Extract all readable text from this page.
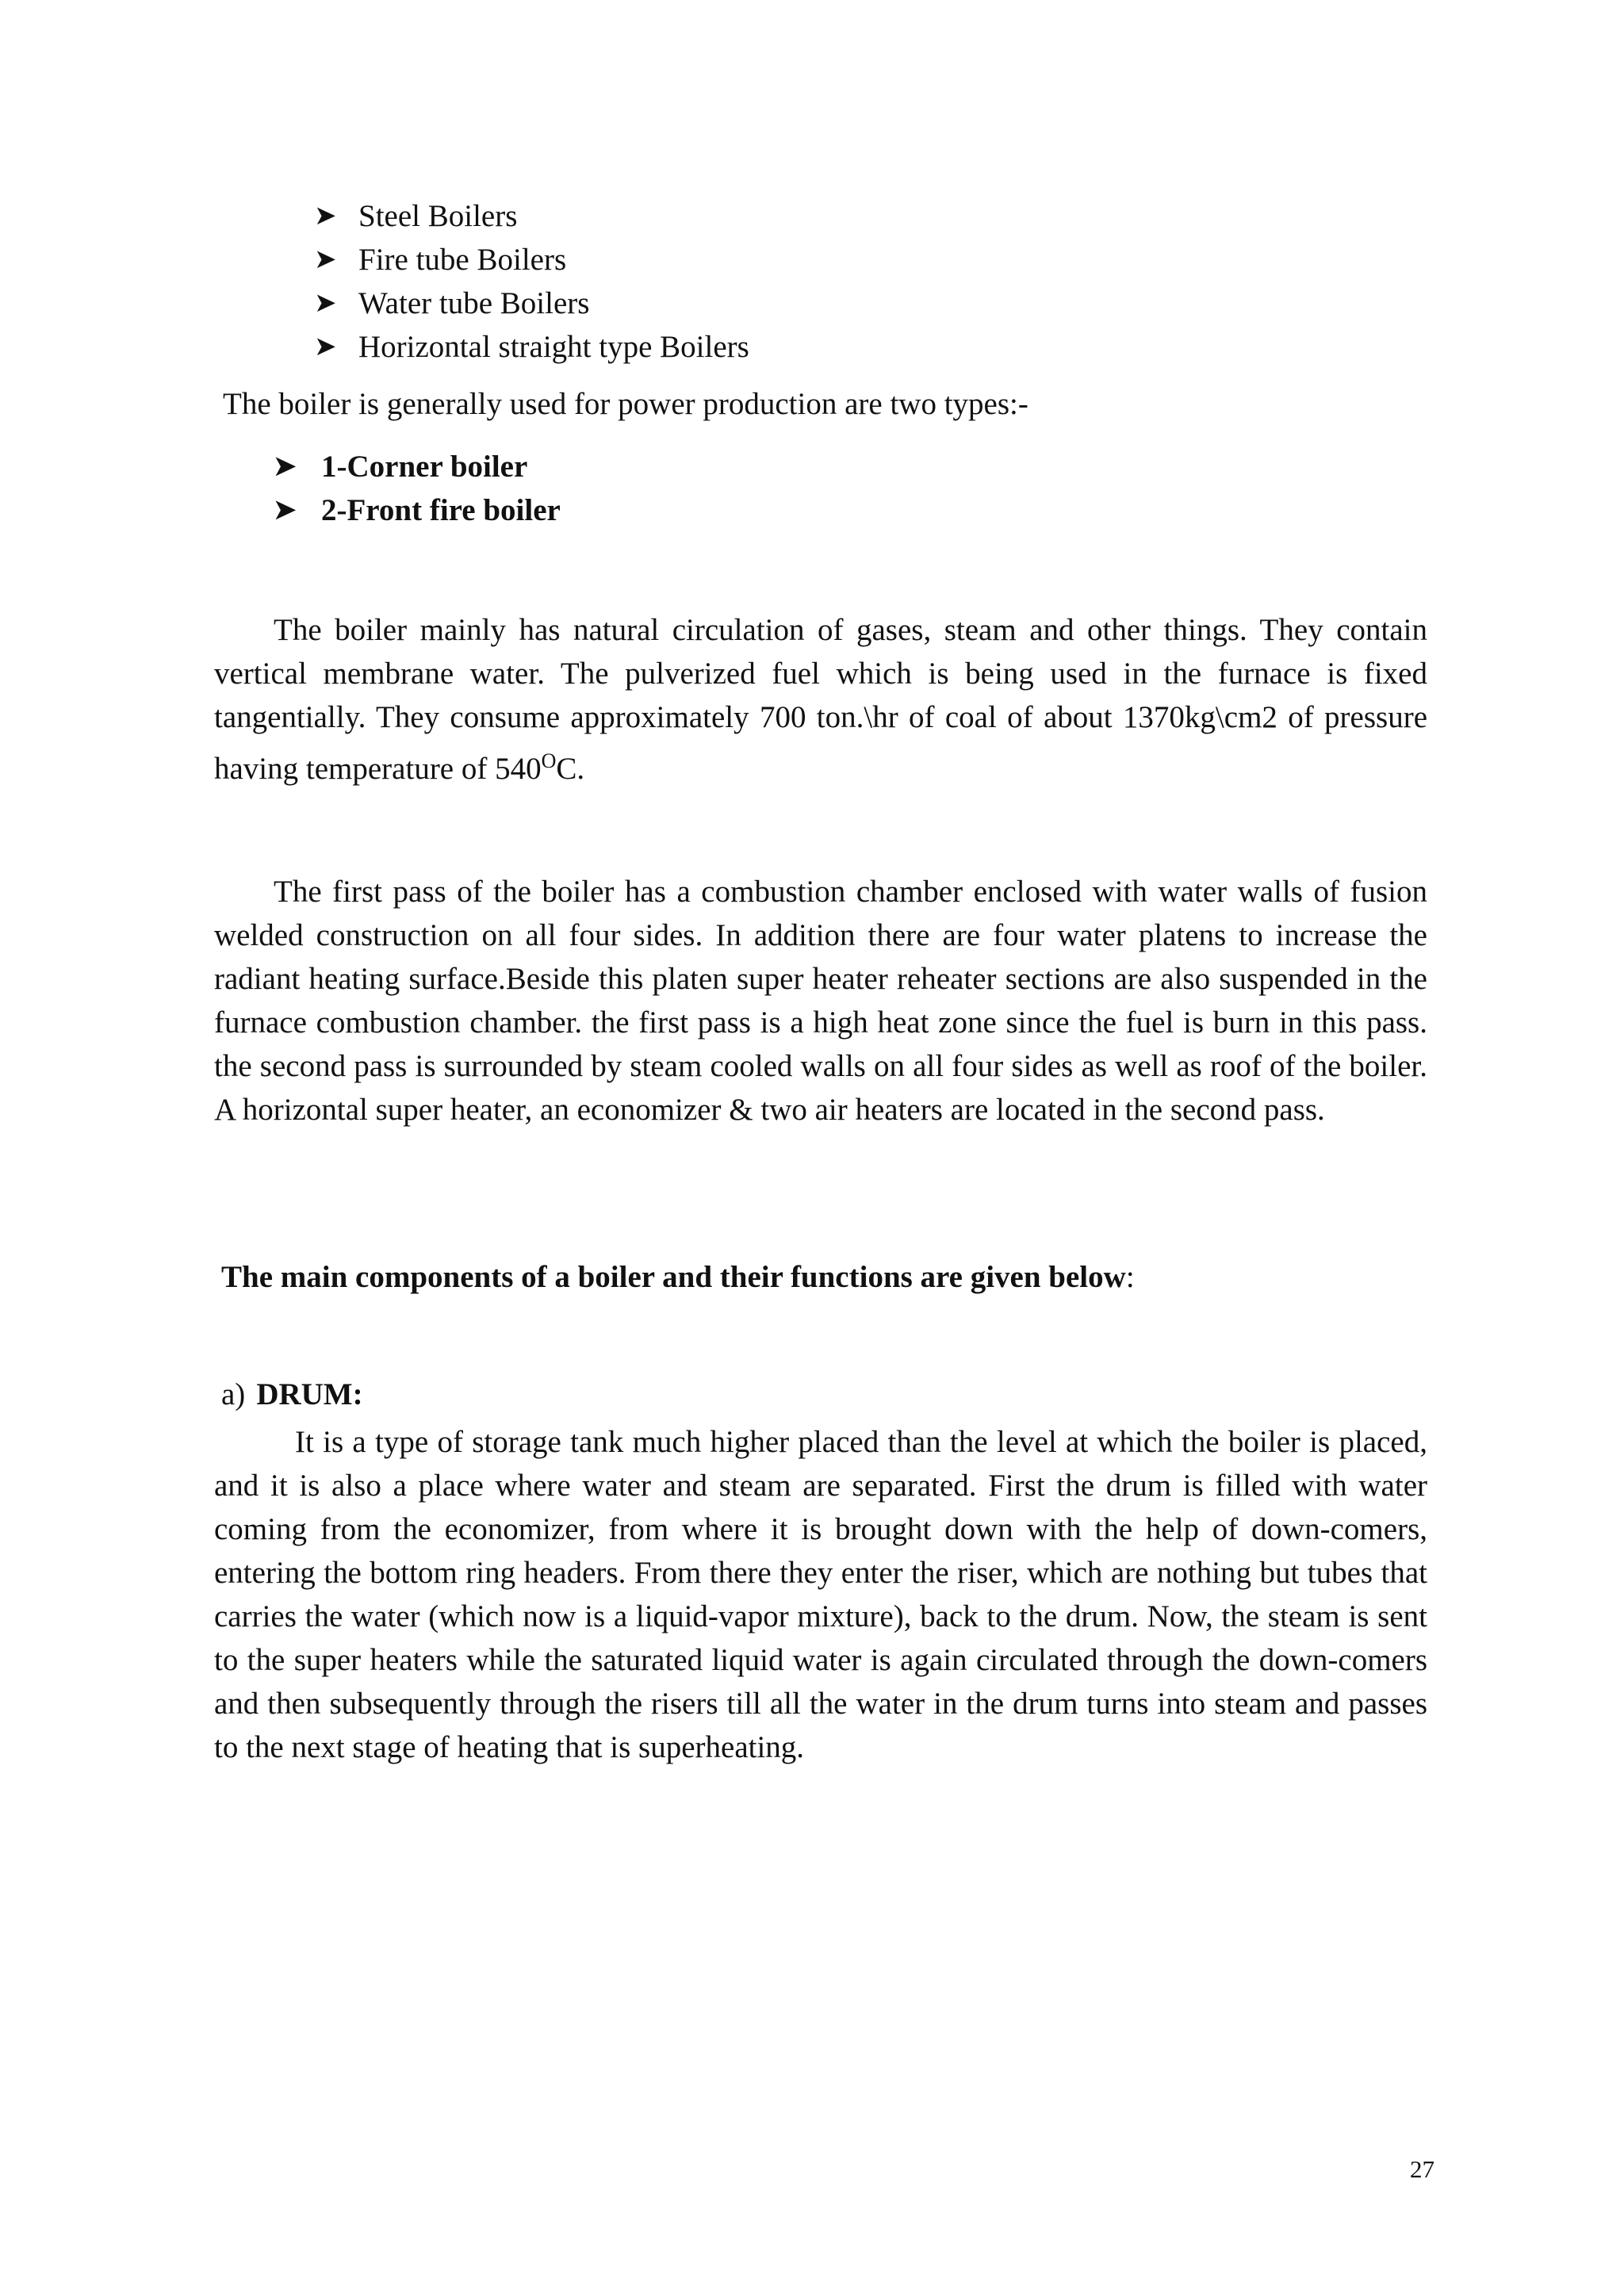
➤ Steel Boilers
➤ Fire tube Boilers
➤ Water tube Boilers
➤ Horizontal straight type Boilers
The boiler is generally used for power production are two types:-
➤ 1-Corner boiler
➤ 2-Front fire boiler

The boiler mainly has natural circulation of gases, steam and other things. They contain vertical membrane water. The pulverized fuel which is being used in the furnace is fixed tangentially. They consume approximately 700 ton.\hr of coal of about 1370kg\cm2 of pressure having temperature of $540^OC$.

The first pass of the boiler has a combustion chamber enclosed with water walls of fusion welded construction on all four sides. In addition there are four water platens to increase the radiant heating surface.Beside this platen super heater reheater sections are also suspended in the furnace combustion chamber. the first pass is a high heat zone since the fuel is burn in this pass. the second pass is surrounded by steam cooled walls on all four sides as well as roof of the boiler. A horizontal super heater, an economizer & two air heaters are located in the second pass.

The main components of a boiler and their functions are given below:
a) DRUM:

It is a type of storage tank much higher placed than the level at which the boiler is placed, and it is also a place where water and steam are separated. First the drum is filled with water coming from the economizer, from where it is brought down with the help of down-comers, entering the bottom ring headers. From there they enter the riser, which are nothing but tubes that carries the water (which now is a liquid-vapor mixture), back to the drum. Now, the steam is sent to the super heaters while the saturated liquid water is again circulated through the down-comers and then subsequently through the risers till all the water in the drum turns into steam and passes to the next stage of heating that is superheating.

27
